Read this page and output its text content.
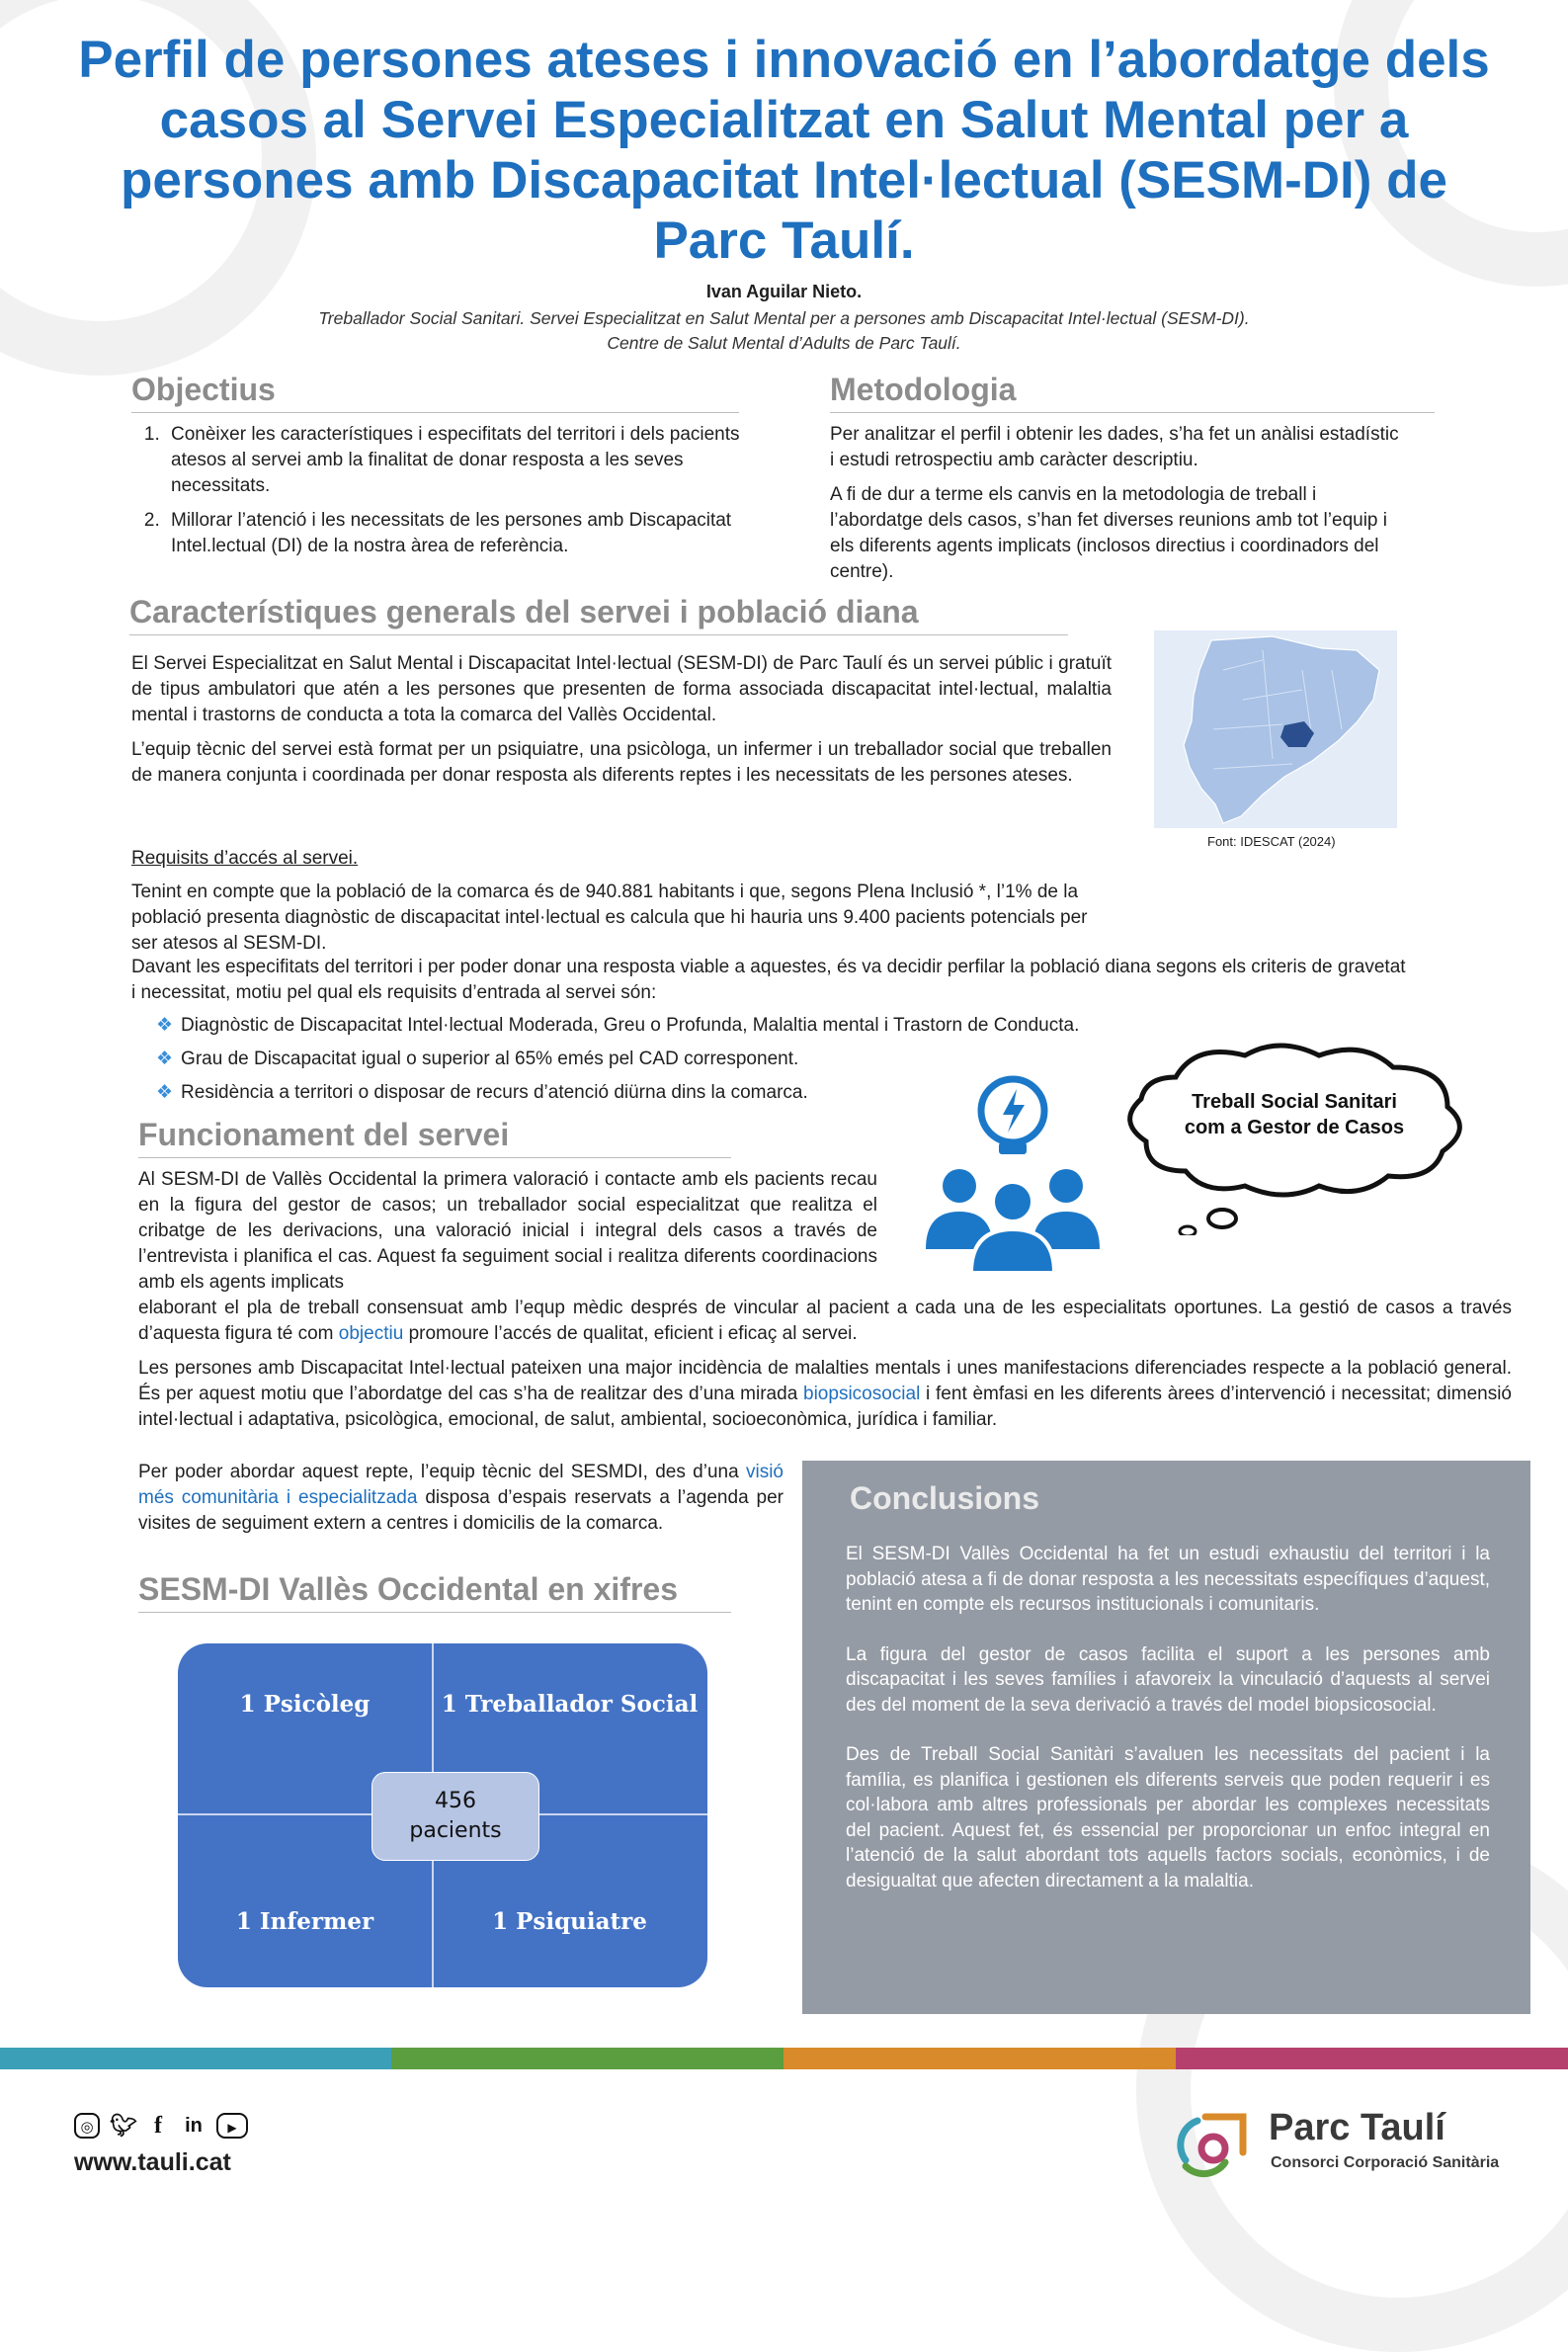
Perfil de persones ateses i innovació en l’abordatge dels casos al Servei Especialitzat en Salut Mental per a persones amb Discapacitat Intel·lectual (SESM-DI) de Parc Taulí.
Ivan Aguilar Nieto.
Treballador Social Sanitari. Servei Especialitzat en Salut Mental per a persones amb Discapacitat Intel·lectual (SESM-DI).
Centre de Salut Mental d’Adults de Parc Taulí.
Objectius
1. Conèixer les característiques i especifitats del territori i dels pacients atesos al servei amb la finalitat de donar resposta a les seves necessitats.
2. Millorar l’atenció i les necessitats de les persones amb Discapacitat Intel.lectual (DI) de la nostra àrea de referència.
Metodologia

Per analitzar el perfil i obtenir les dades, s’ha fet un anàlisi estadístic i estudi retrospectiu amb caràcter descriptiu.

A fi de dur a terme els canvis en la metodologia de treball i l’abordatge dels casos, s’han fet diverses reunions amb tot l’equip i els diferents agents implicats (inclosos directius i coordinadors del centre).

Característiques generals del servei i població diana

El Servei Especialitzat en Salut Mental i Discapacitat Intel·lectual (SESM-DI) de Parc Taulí és un servei públic i gratuït de tipus ambulatori que atén a les persones que presenten de forma associada discapacitat intel·lectual, malaltia mental i trastorns de conducta a tota la comarca del Vallès Occidental.

L’equip tècnic del servei està format per un psiquiatre, una psicòloga, un infermer i un treballador social que treballen de manera conjunta i coordinada per donar resposta als diferents reptes i les necessitats de les persones ateses.

Requisits d’accés al servei.
Tenint en compte que la població de la comarca és de 940.881 habitants i que, segons Plena Inclusió *, l’1% de la població presenta diagnòstic de discapacitat intel·lectual es calcula que hi hauria uns 9.400 pacients potencials per ser atesos al SESM-DI.
Davant les especifitats del territori i per poder donar una resposta viable a aquestes, és va decidir perfilar la població diana segons els criteris de gravetat i necessitat, motiu pel qual els requisits d’entrada al servei són:
❖ Diagnòstic de Discapacitat Intel·lectual Moderada, Greu o Profunda, Malaltia mental i Trastorn de Conducta.
❖ Grau de Discapacitat igual o superior al 65% emés pel CAD corresponent.
❖ Residència a territori o disposar de recurs d’atenció diürna dins la comarca.
Font: IDESCAT (2024)
Funcionament del servei
Al SESM-DI de Vallès Occidental la primera valoració i contacte amb els pacients recau en la figura del gestor de casos; un treballador social especialitzat que realitza el cribatge de les derivacions, una valoració inicial i integral dels casos a través de l’entrevista i planifica el cas. Aquest fa seguiment social i realitza diferents coordinacions amb els agents implicats
elaborant el pla de treball consensuat amb l’equp mèdic després de vincular al pacient a cada una de les especialitats oportunes. La gestió de casos a través d’aquesta figura té com objectiu promoure l’accés de qualitat, eficient i eficaç al servei.
Les persones amb Discapacitat Intel·lectual pateixen una major incidència de malalties mentals i unes manifestacions diferenciades respecte a la població general. És per aquest motiu que l’abordatge del cas s’ha de realitzar des d’una mirada biopsicosocial i fent èmfasi en les diferents àrees d’intervenció i necessitat; dimensió intel·lectual i adaptativa, psicològica, emocional, de salut, ambiental, socioeconòmica, jurídica i familiar.
Per poder abordar aquest repte, l’equip tècnic del SESMDI, des d’una visió més comunitària i especialitzada disposa d’espais reservats a l’agenda per visites de seguiment extern a centres i domicilis de la comarca.
Treball Social Sanitari com a Gestor de Casos
SESM-DI Vallès Occidental en xifres
1 Psicòleg	1 Treballador Social
1 Infermer	1 Psiquiatre
456
pacients
Conclusions

El SESM-DI Vallès Occidental ha fet un estudi exhaustiu del territori i la població atesa a fi de donar resposta a les necessitats específiques d’aquest, tenint en compte els recursos institucionals i comunitaris.

La figura del gestor de casos facilita el suport a les persones amb discapacitat i les seves famílies i afavoreix la vinculació d’aquests al servei des del moment de la seva derivació a través del model biopsicosocial.

Des de Treball Social Sanitàri s’avaluen les necessitats del pacient i la família, es planifica i gestionen els diferents serveis que poden requerir i es col·labora amb altres professionals per abordar les complexes necessitats del pacient. Aquest fet, és essencial per proporcionar un enfoc integral en l’atenció de la salut abordant tots aquells factors socials, econòmics, i de desigualtat que afecten directament a la malaltia.

◎ 🐦︎ f	in	▶
www.tauli.cat
Parc Taulí
Consorci Corporació Sanitària
